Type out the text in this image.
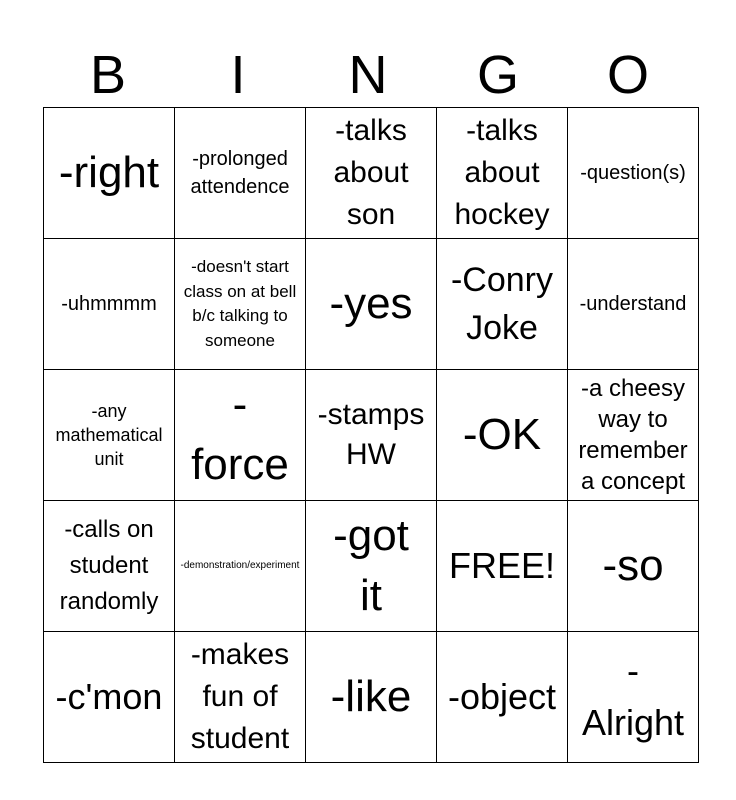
B	I	N	G	O
-right	-prolonged attendence	-talks about son	-talks about hockey	-question(s)

-uhmmmm	-doesn't start class on at bell b/c talking to someone	-yes	-Conry Joke	-understand

-any mathematical unit	-force	-stamps HW	-OK	-a cheesy way to remember a concept

-calls on student randomly	-demonstration/experiment	-got it	FREE!	-so

-c'mon	-makes fun of student	-like	-object	-Alright
